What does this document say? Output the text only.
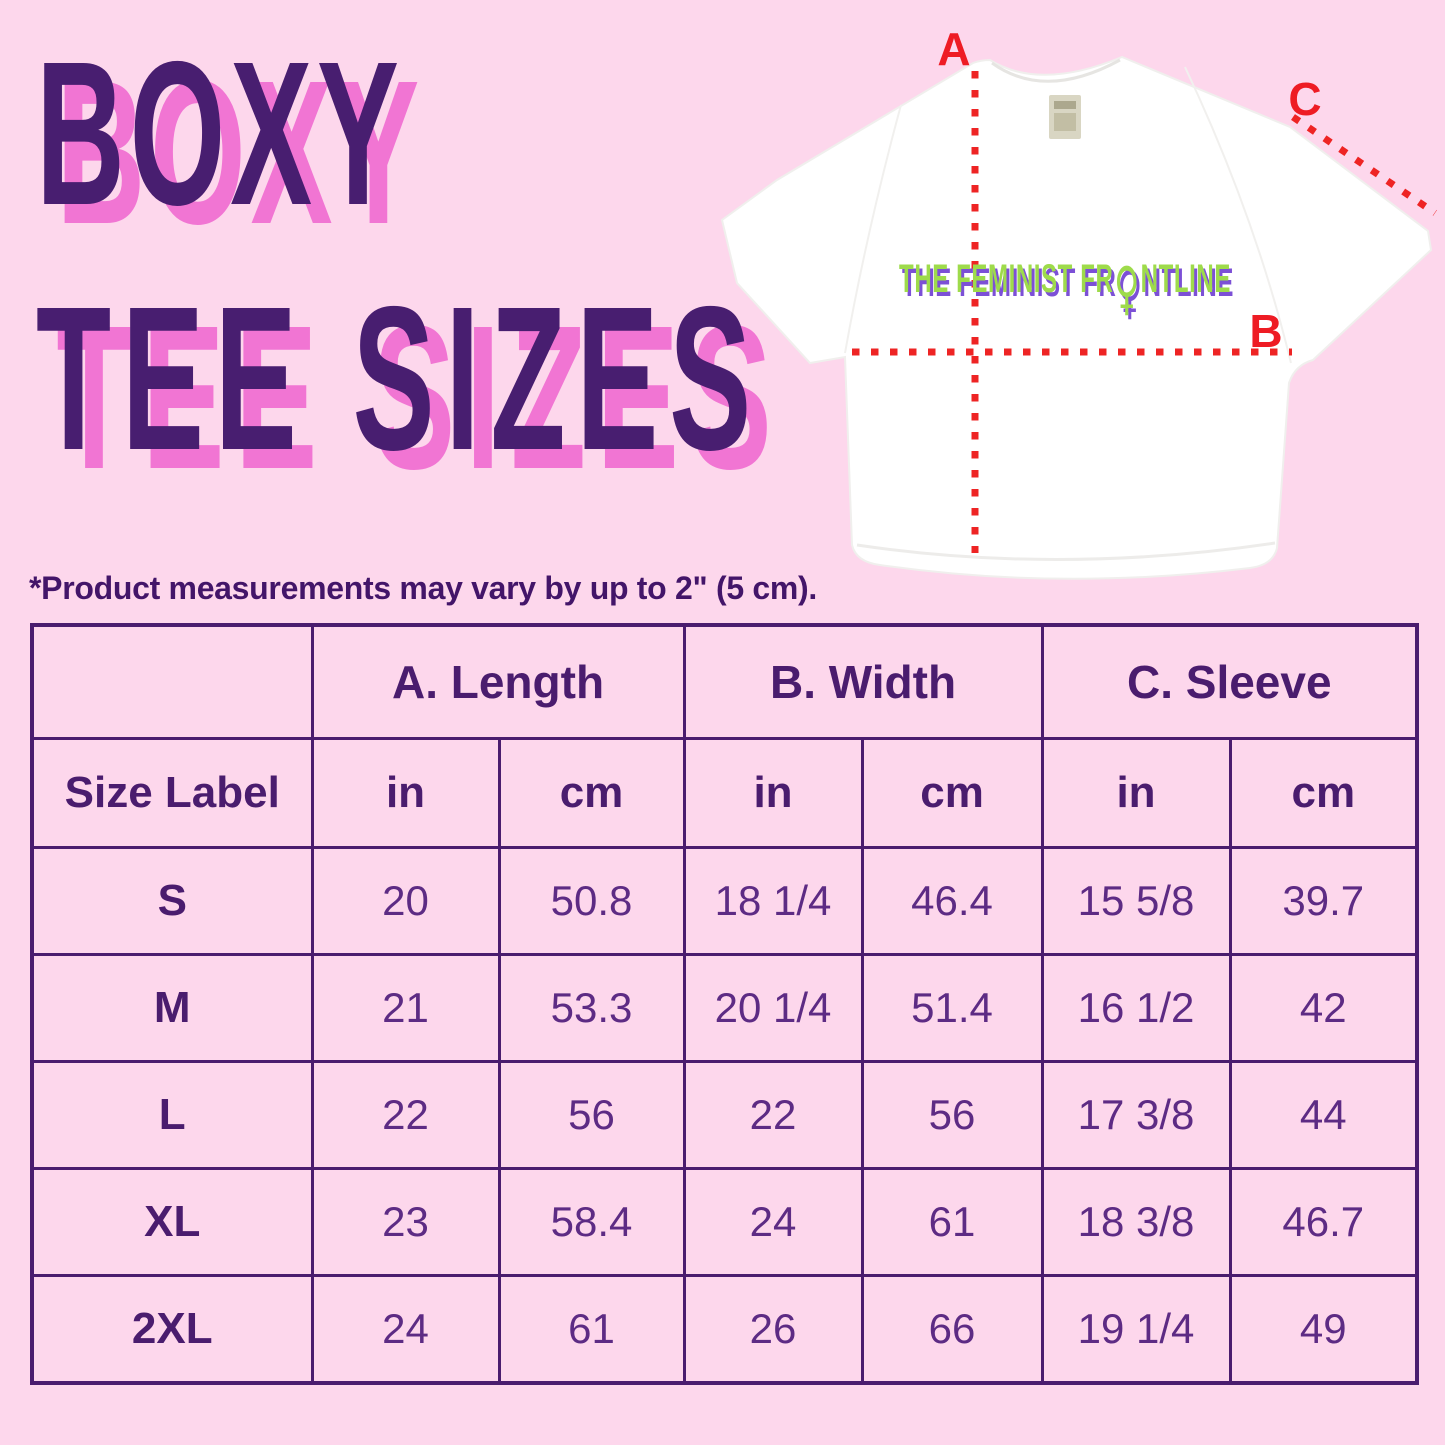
BOXY
TEE SIZES
A
B
C
THE FEMINIST FR♀NTLINE
*Product measurements may vary by up to 2" (5 cm).
	A. Length		B. Width		C. Sleeve	
Size Label	in	cm	in	cm	in	cm
S	20	50.8	18 1/4	46.4	15 5/8	39.7
M	21	53.3	20 1/4	51.4	16 1/2	42
L	22	56	22	56	17 3/8	44
XL	23	58.4	24	61	18 3/8	46.7
2XL	24	61	26	66	19 1/4	49
